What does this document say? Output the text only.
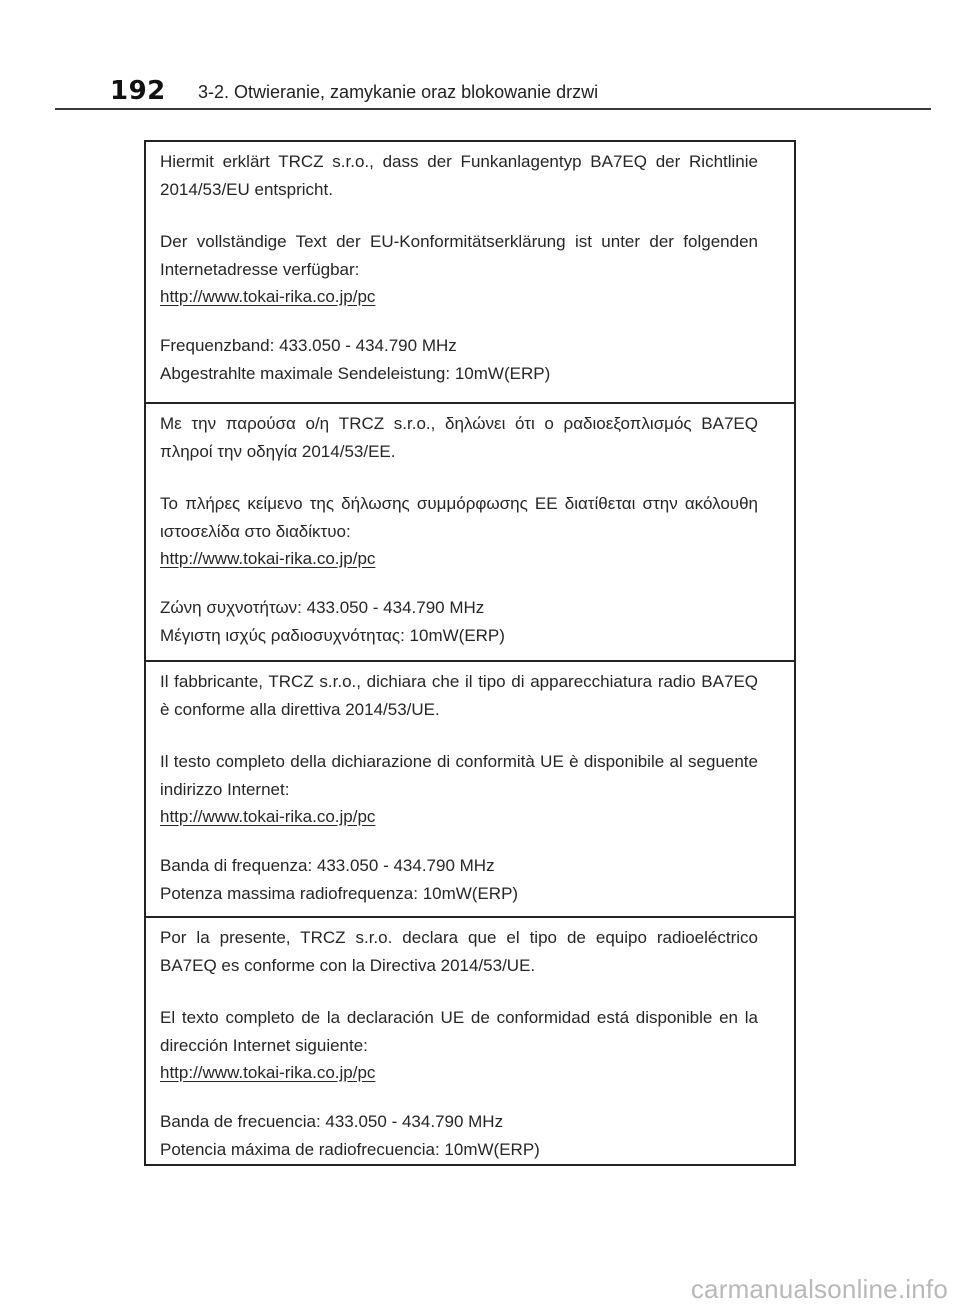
192 3-2. Otwieranie, zamykanie oraz blokowanie drzwi

Hiermit erklärt TRCZ s.r.o., dass der Funkanlagentyp BA7EQ der Richtlinie 2014/53/EU entspricht.

Der vollständige Text der EU-Konformitätserklärung ist unter der folgenden Internetadresse verfügbar:

http://www.tokai-rika.co.jp/pc
Frequenzband: 433.050 - 434.790 MHz
Abgestrahlte maximale Sendeleistung: 10mW(ERP)

Με την παρούσα ο/η TRCZ s.r.o., δηλώνει ότι ο ραδιοεξοπλισμός BA7EQ πληροί την οδηγία 2014/53/ΕΕ.

Το πλήρες κείμενο της δήλωσης συμμόρφωσης ΕΕ διατίθεται στην ακόλουθη ιστοσελίδα στο διαδίκτυο:

http://www.tokai-rika.co.jp/pc
Ζώνη συχνοτήτων: 433.050 - 434.790 MHz
Μέγιστη ισχύς ραδιοσυχνότητας: 10mW(ERP)

Il fabbricante, TRCZ s.r.o., dichiara che il tipo di apparecchiatura radio BA7EQ è conforme alla direttiva 2014/53/UE.

Il testo completo della dichiarazione di conformità UE è disponibile al seguente indirizzo Internet:

http://www.tokai-rika.co.jp/pc
Banda di frequenza: 433.050 - 434.790 MHz
Potenza massima radiofrequenza: 10mW(ERP)

Por la presente, TRCZ s.r.o. declara que el tipo de equipo radioeléctrico BA7EQ es conforme con la Directiva 2014/53/UE.

El texto completo de la declaración UE de conformidad está disponible en la dirección Internet siguiente:

http://www.tokai-rika.co.jp/pc
Banda de frecuencia: 433.050 - 434.790 MHz
Potencia máxima de radiofrecuencia: 10mW(ERP)
carmanualsonline.info
